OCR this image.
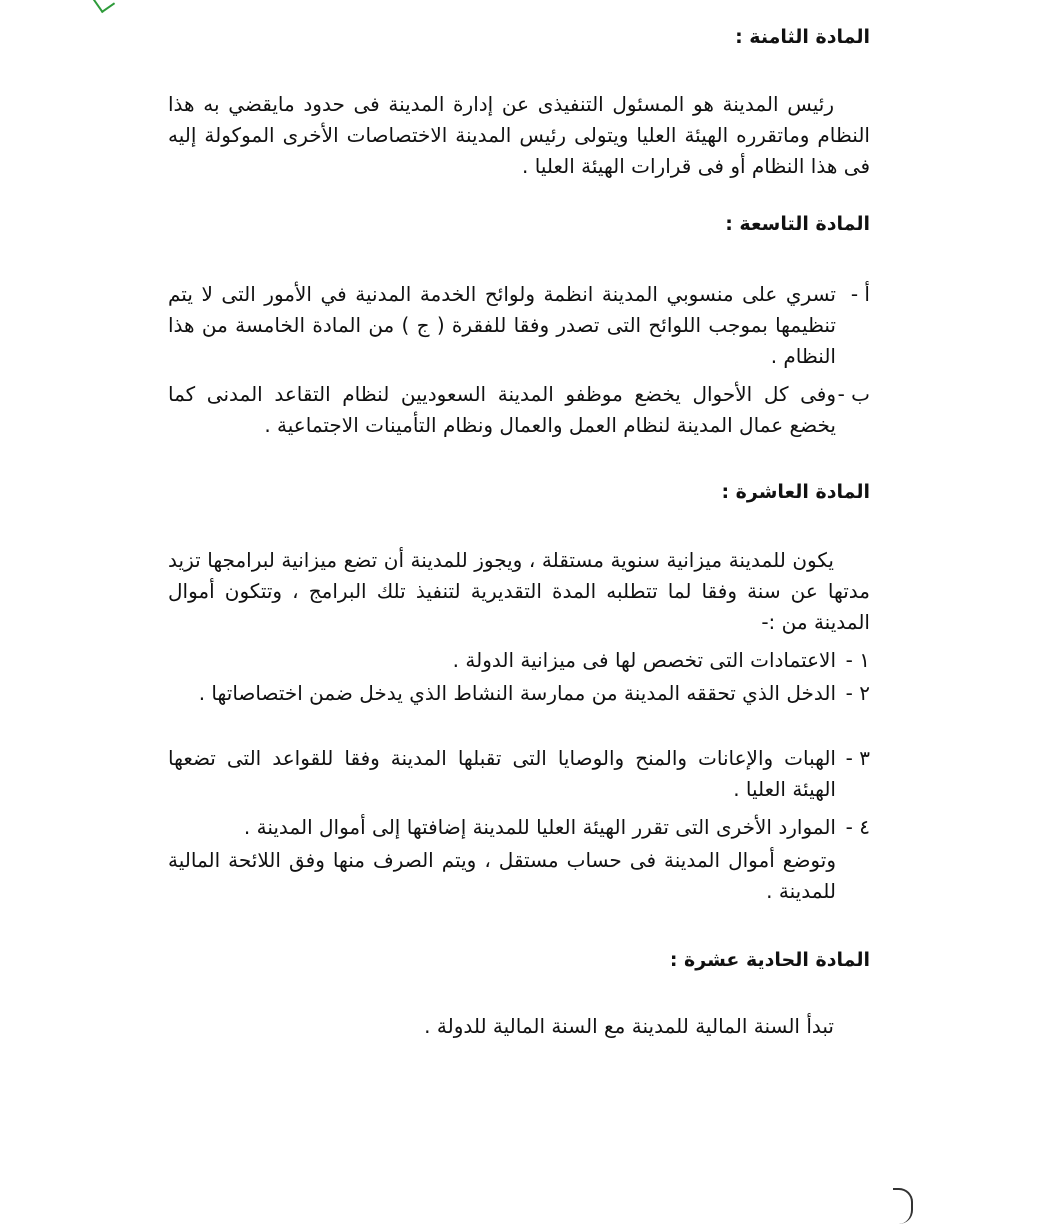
المادة الثامنة :
رئيس المدينة هو المسئول التنفيذى عن إدارة المدينة فى حدود مايقضي به هذا النظام وماتقرره الهيئة العليا ويتولى رئيس المدينة الاختصاصات الأخرى الموكولة إليه فى هذا النظام أو فى قرارات الهيئة العليا .
المادة التاسعة :
أ -
تسري على منسوبي المدينة انظمة ولوائح الخدمة المدنية في الأمور التى لا يتم تنظيمها بموجب اللوائح التى تصدر وفقا للفقرة ( ج ) من المادة الخامسة من هذا النظام .
ب -
وفى كل الأحوال يخضع موظفو المدينة السعوديين لنظام التقاعد المدنى كما يخضع عمال المدينة لنظام العمل والعمال ونظام التأمينات الاجتماعية .
المادة العاشرة :
يكون للمدينة ميزانية سنوية مستقلة ، ويجوز للمدينة أن تضع ميزانية لبرامجها تزيد مدتها عن سنة وفقا لما تتطلبه المدة التقديرية لتنفيذ تلك البرامج ، وتتكون أموال المدينة من :-
١ -
الاعتمادات التى تخصص لها فى ميزانية الدولة .
٢ -
الدخل الذي تحققه المدينة من ممارسة النشاط الذي يدخل ضمن اختصاصاتها .
٣ -
الهبات والإعانات والمنح والوصايا التى تقبلها المدينة وفقا للقواعد التى تضعها الهيئة العليا .
٤ -
الموارد الأخرى التى تقرر الهيئة العليا للمدينة إضافتها إلى أموال المدينة .
وتوضع أموال المدينة فى حساب مستقل ، ويتم الصرف منها وفق اللائحة المالية للمدينة .
المادة الحادية عشرة :
تبدأ السنة المالية للمدينة مع السنة المالية للدولة .
